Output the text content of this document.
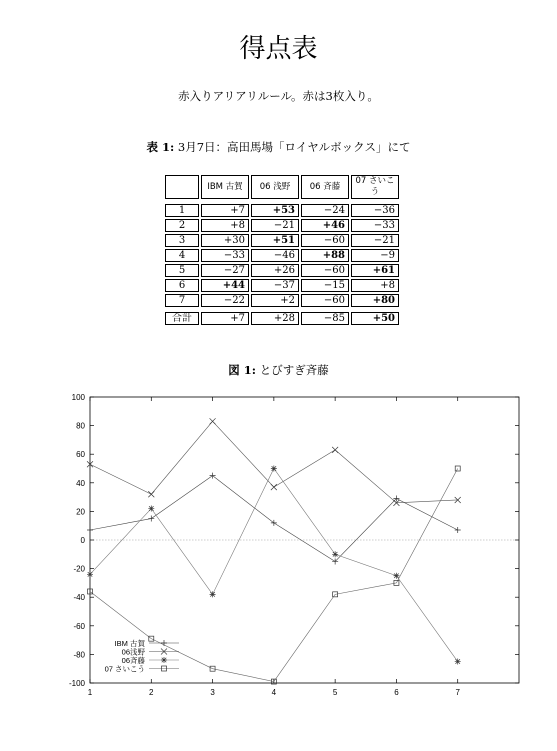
得点表
赤入りアリアリルール。赤は3枚入り。
表 1: 3月7日：高田馬場「ロイヤルボックス」にて
	IBM 古賀	06 浅野	06 斉藤	07 さいこう

1	+7	+53	−24	−36
2	+8	−21	+46	−33
3	+30	+51	−60	−21
4	−33	−46	+88	−9
5	−27	+26	−60	+61
6	+44	−37	−15	+8
7	−22	+2	−60	+80

合計	+7	+28	−85	+50
図 1: とびすぎ斉藤
-100
-80
-60
-40
-20
0
20
40
60
80
100
1	2	3	4	5	6	7
IBM 古賀
06浅野
06斉藤
07 さいこう
